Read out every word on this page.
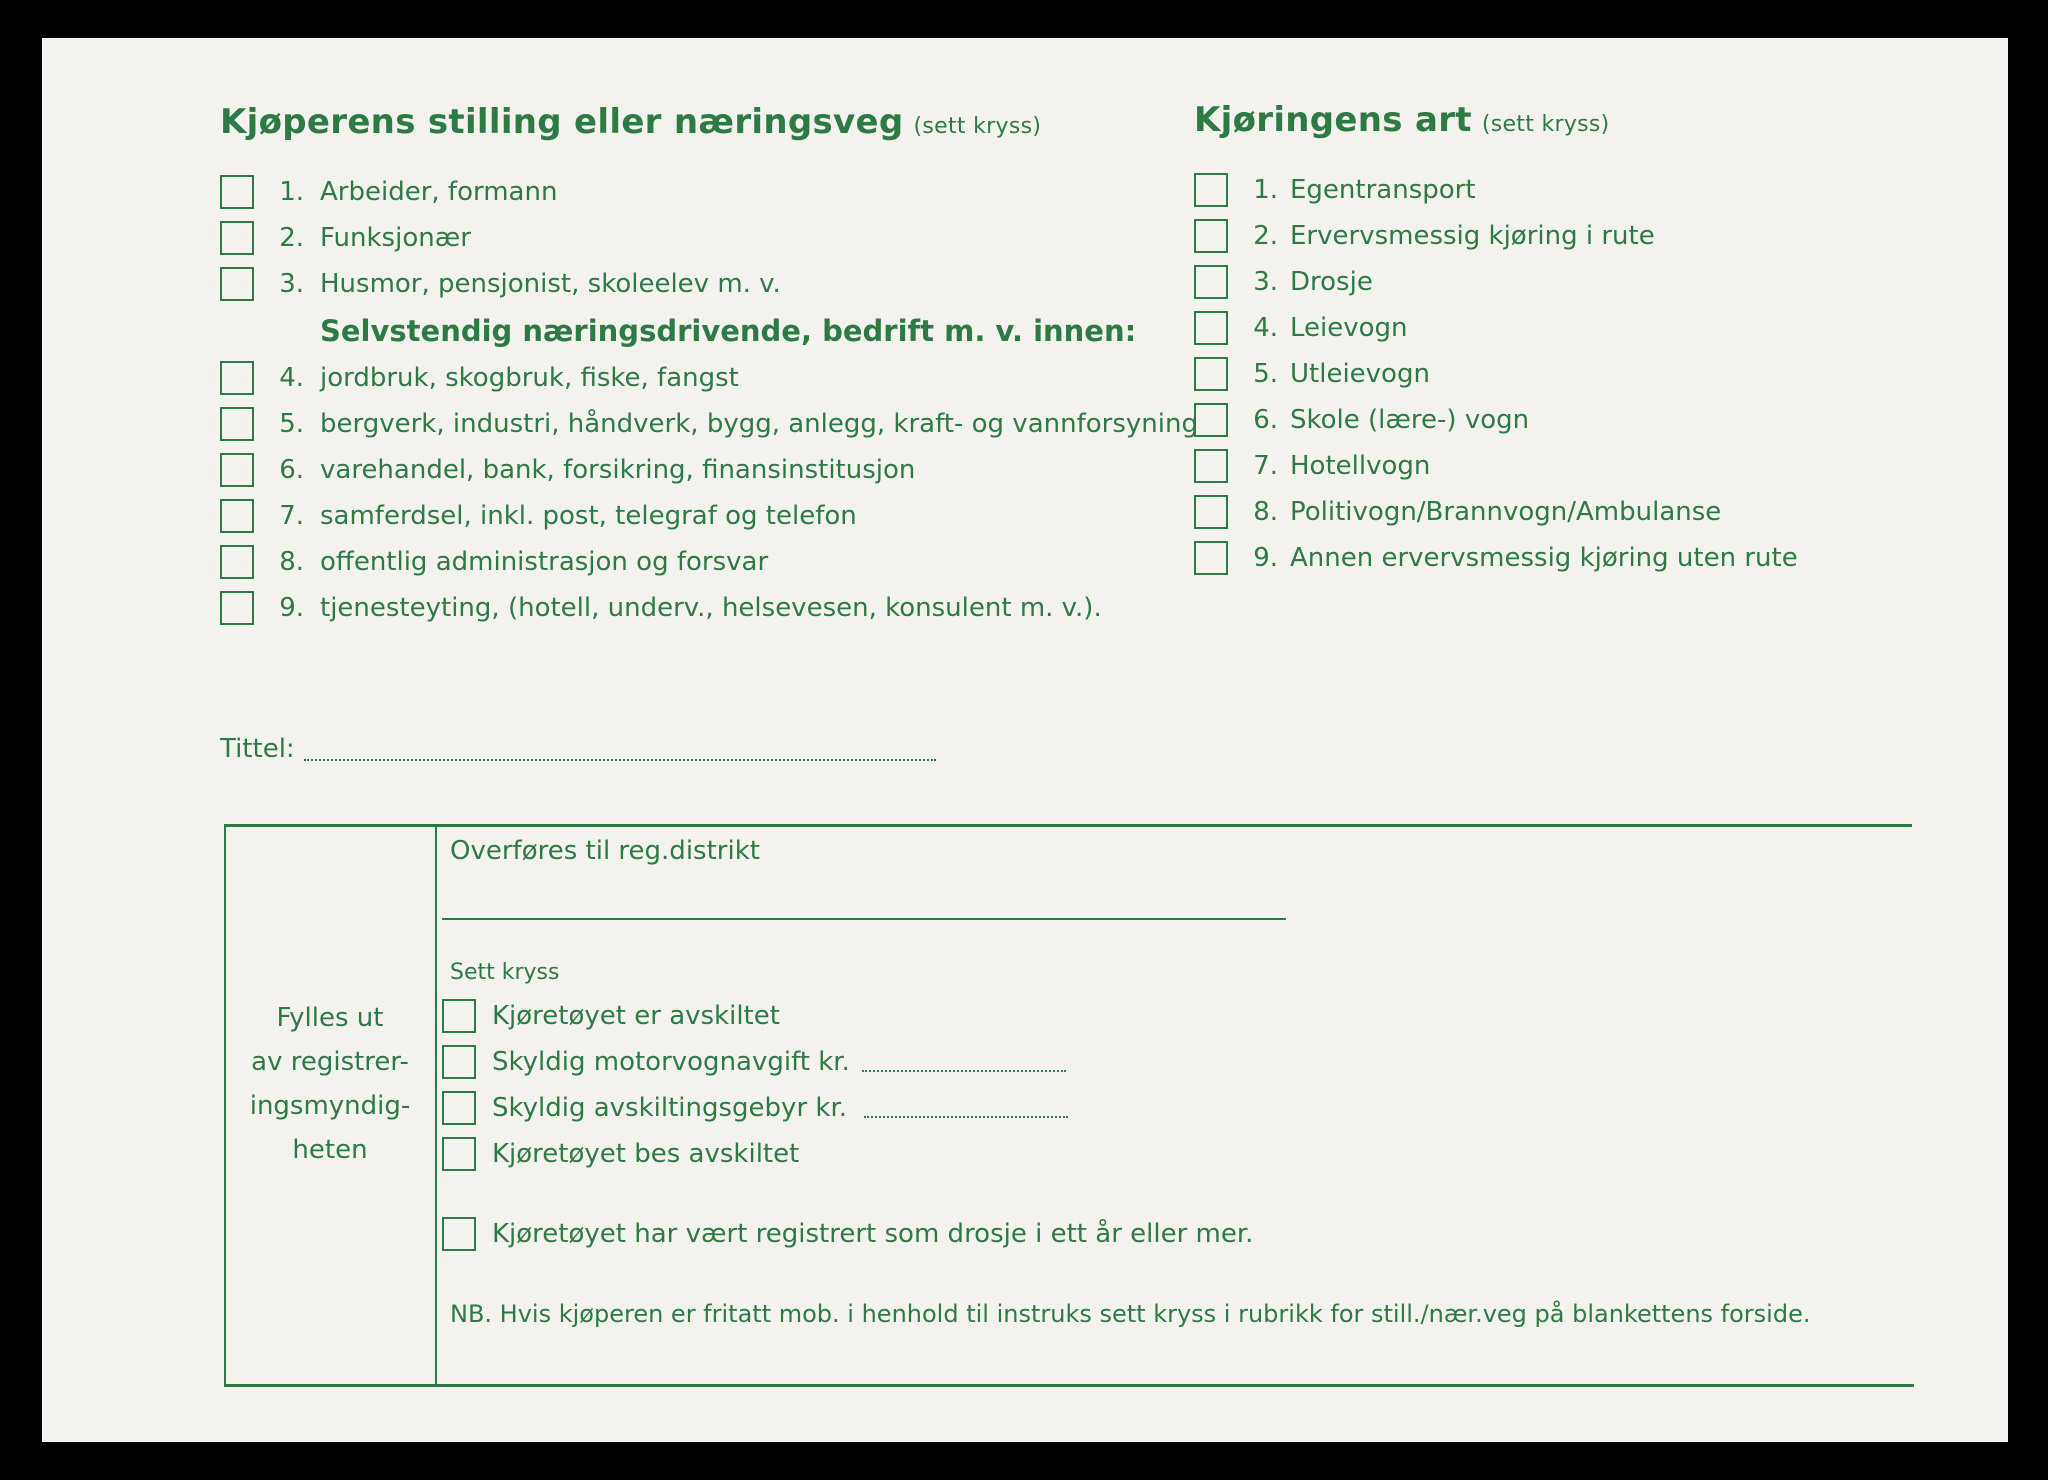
Kjøperens stilling eller næringsveg (sett kryss)
1. Arbeider, formann
2. Funksjonær
3. Husmor, pensjonist, skoleelev m. v.
Selvstendig næringsdrivende, bedrift m. v. innen:
4. jordbruk, skogbruk, fiske, fangst
5. bergverk, industri, håndverk, bygg, anlegg, kraft- og vannforsyning
6. varehandel, bank, forsikring, finansinstitusjon
7. samferdsel, inkl. post, telegraf og telefon
8. offentlig administrasjon og forsvar
9. tjenesteyting, (hotell, underv., helsevesen, konsulent m. v.).
Tittel:
Kjøringens art (sett kryss)
1. Egentransport
2. Ervervsmessig kjøring i rute
3. Drosje
4. Leievogn
5. Utleievogn
6. Skole (lære-) vogn
7. Hotellvogn
8. Politivogn/Brannvogn/Ambulanse
9. Annen ervervsmessig kjøring uten rute
Fylles ut
av registrer-
ingsmyndig-
heten
Overføres til reg.distrikt
Sett kryss
Kjøretøyet er avskiltet
Skyldig motorvognavgift kr.
Skyldig avskiltingsgebyr kr.
Kjøretøyet bes avskiltet
Kjøretøyet har vært registrert som drosje i ett år eller mer.
NB. Hvis kjøperen er fritatt mob. i henhold til instruks sett kryss i rubrikk for still./nær.veg på blankettens forside.
